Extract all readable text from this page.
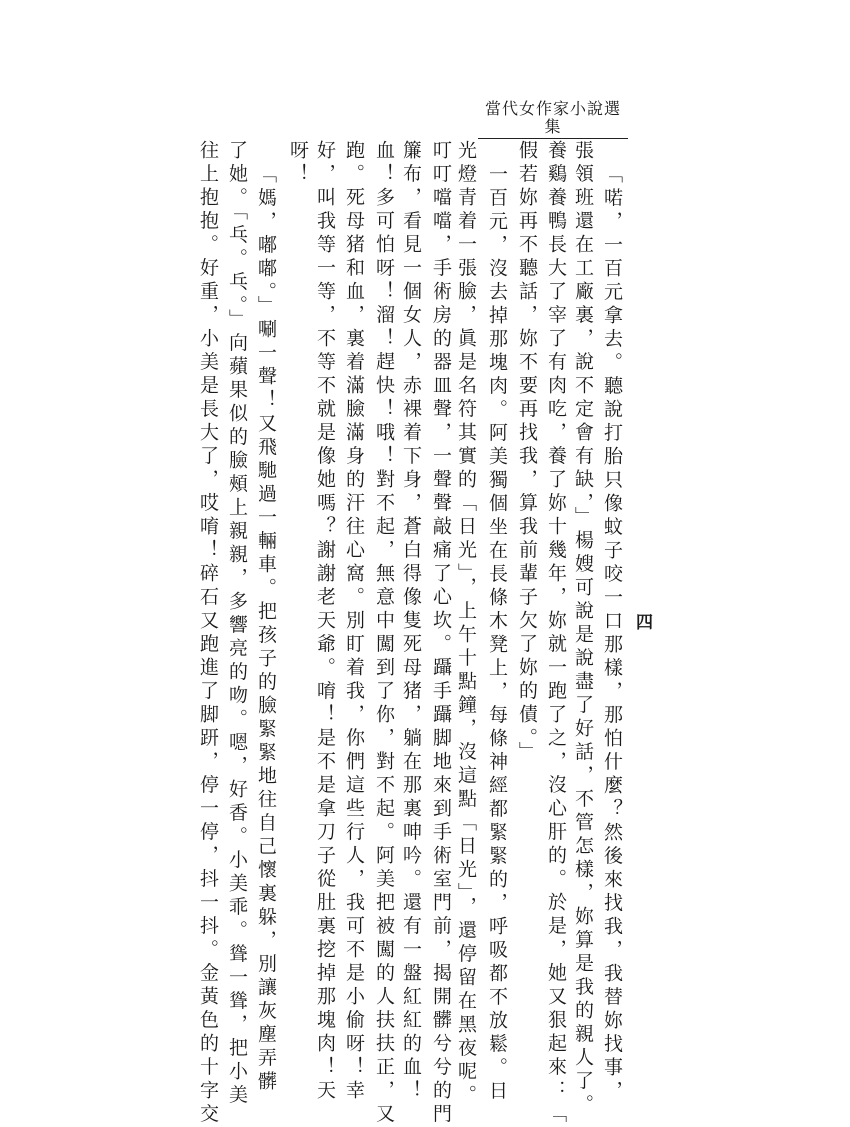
當代女作家小說選集
四
「喏，一百元拿去。聽說打胎只像蚊子咬一口那樣，那怕什麼？然後來找我，我替妳找事，
張領班還在工廠裏，說不定會有缺，」楊嫂可說是說盡了好話，不管怎樣，妳算是我的親人了。
養鷄養鴨長大了宰了有肉吃，養了妳十幾年，妳就一跑了之，沒心肝的。於是，她又狠起來：「
假若妳再不聽話，妳不要再找我，算我前輩子欠了妳的債。」
一百元，沒去掉那塊肉。阿美獨個坐在長條木凳上，每條神經都緊緊的，呼吸都不放鬆。日
光燈青着一張臉，眞是名符其實的「日光」，上午十點鐘，沒這點「日光」，還停留在黑夜呢。
叮叮噹噹，手術房的器皿聲，一聲聲敲痛了心坎。躡手躡脚地來到手術室門前，揭開髒兮兮的門
簾布，看見一個女人，赤裸着下身，蒼白得像隻死母猪，躺在那裏呻吟。還有一盤紅紅的血！
血！多可怕呀！溜！趕快！哦！對不起，無意中闖到了你，對不起。阿美把被闖的人扶扶正，又
跑。死母猪和血，裏着滿臉滿身的汗往心窩。別盯着我，你們這些行人，我可不是小偷呀！幸
好，叫我等一等，不等不就是像她嗎？謝謝老天爺。唷！是不是拿刀子從肚裏挖掉那塊肉！天
呀！
「媽，嘟嘟。」唰一聲！又飛馳過一輛車。把孩子的臉緊緊地往自己懷裏躲，別讓灰塵弄髒
了她。「乓。乓。」向蘋果似的臉頰上親親，多響亮的吻。嗯，好香。小美乖。聳一聳，把小美
往上抱抱。好重，小美是長大了，哎唷！碎石又跑進了脚趼，停一停，抖一抖。金黃色的十字交
